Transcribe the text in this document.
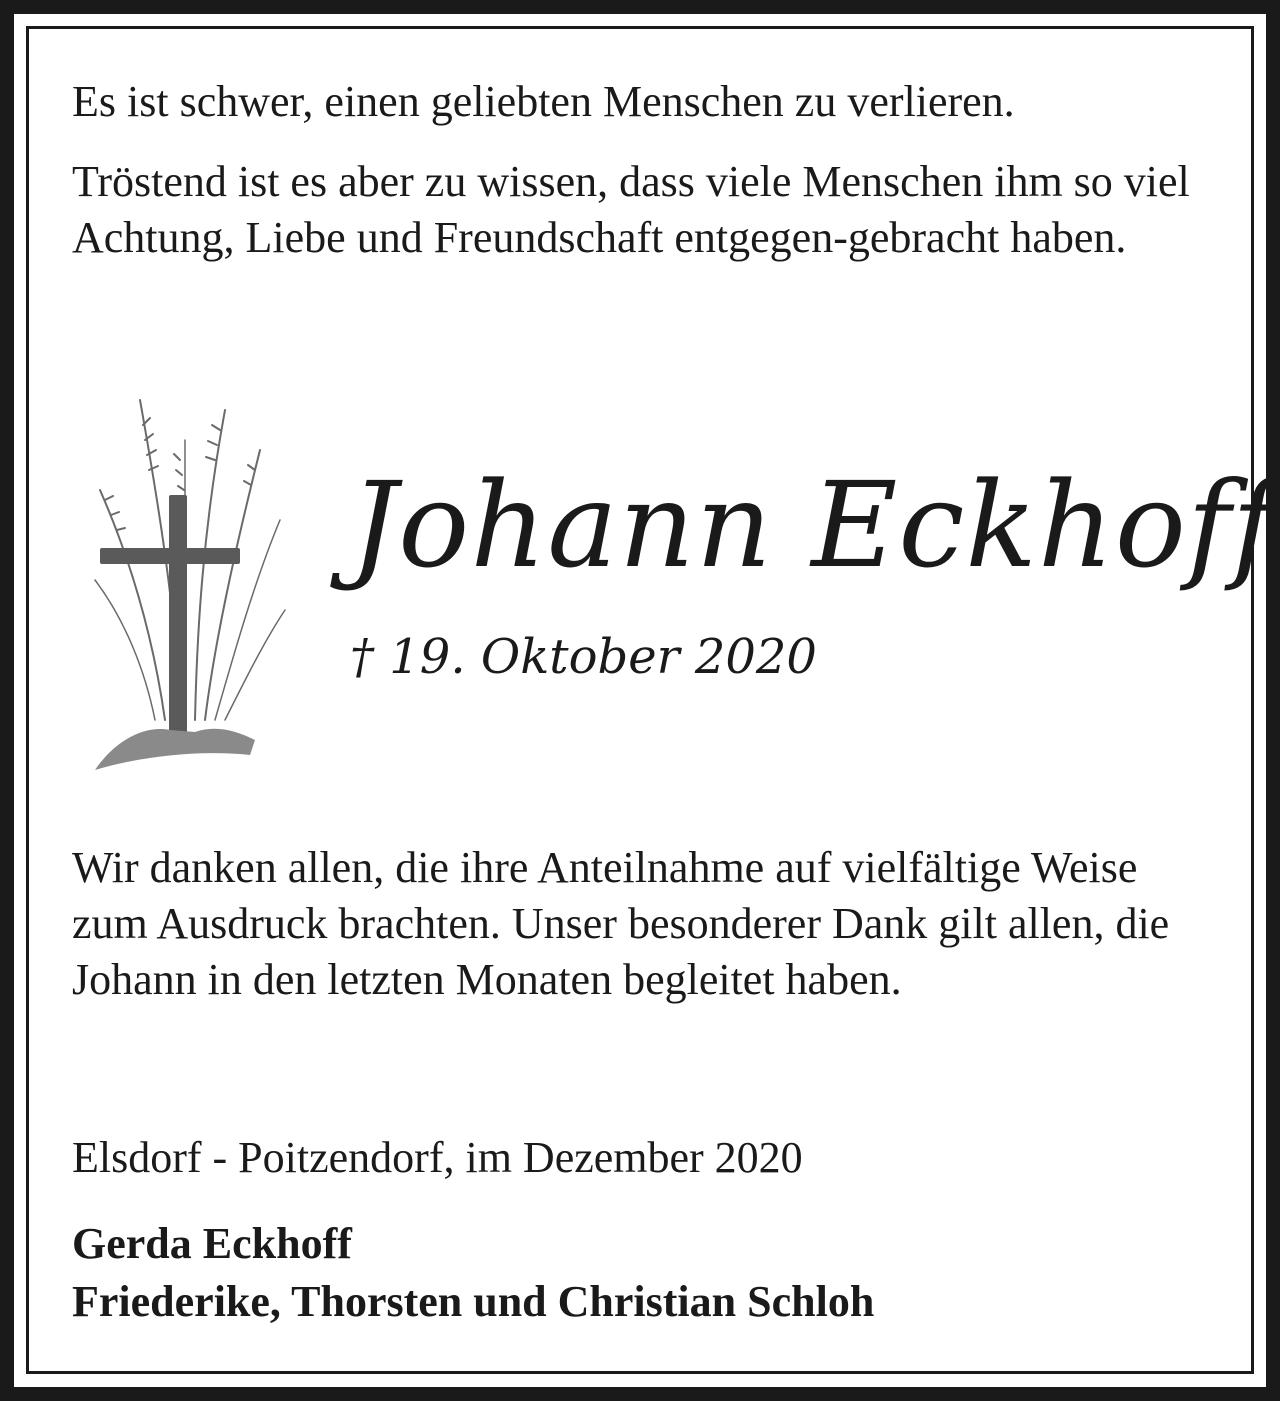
Es ist schwer, einen geliebten Menschen zu verlieren.

Tröstend ist es aber zu wissen, dass viele Menschen ihm so viel Achtung, Liebe und Freundschaft entgegen-gebracht haben.

Johann Eckhoff

† 19. Oktober 2020

Wir danken allen, die ihre Anteilnahme auf vielfältige Weise zum Ausdruck brachten. Unser besonderer Dank gilt allen, die Johann in den letzten Monaten begleitet haben.

Elsdorf - Poitzendorf, im Dezember 2020

Gerda Eckhoff

Friederike, Thorsten und Christian Schloh
